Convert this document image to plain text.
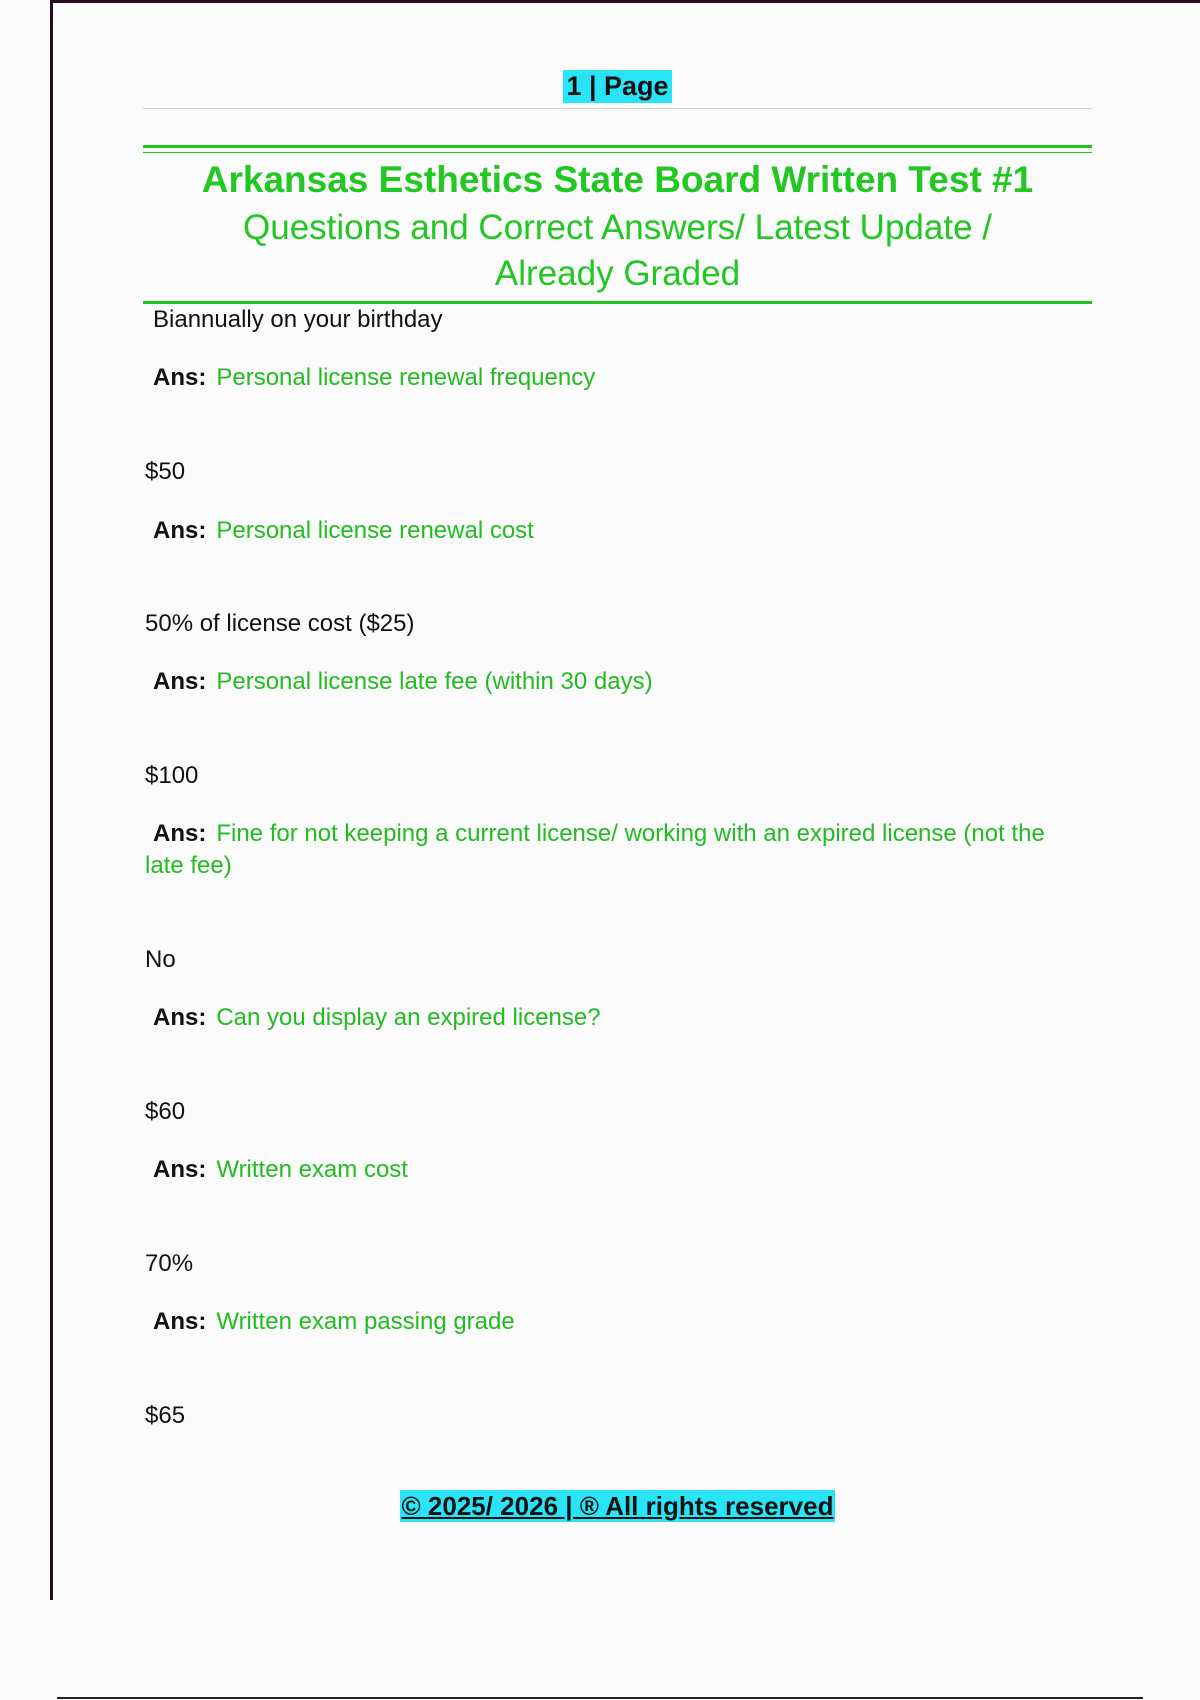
1 | Page
Arkansas Esthetics State Board Written Test #1
Questions and Correct Answers/ Latest Update /
Already Graded
Biannually on your birthday
Ans: Personal license renewal frequency
$50
Ans: Personal license renewal cost
50% of license cost ($25)
Ans: Personal license late fee (within 30 days)
$100
Ans: Fine for not keeping a current license/ working with an expired license (not the late fee)
No
Ans: Can you display an expired license?
$60
Ans: Written exam cost
70%
Ans: Written exam passing grade
$65
© 2025/ 2026 | ® All rights reserved
